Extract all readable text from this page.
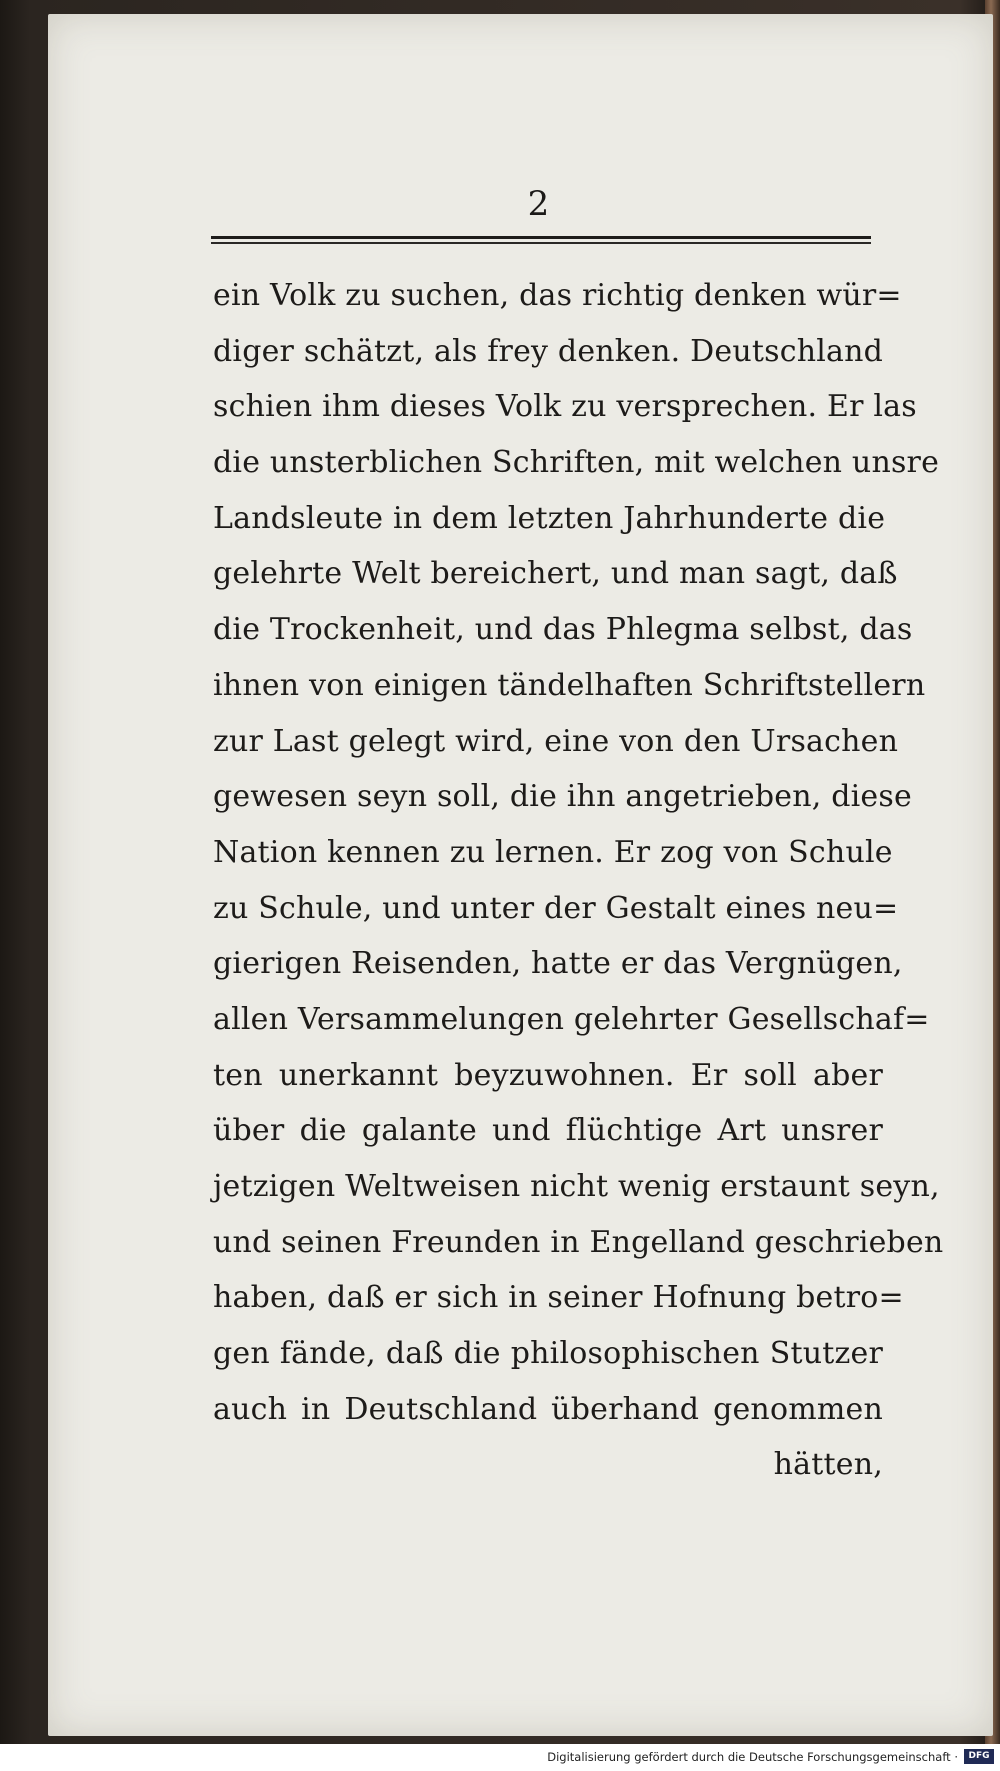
2
ein Volk zu suchen, das richtig denken wür=
diger schätzt, als frey denken. Deutschland
schien ihm dieses Volk zu versprechen. Er las
die unsterblichen Schriften, mit welchen unsre
Landsleute in dem letzten Jahrhunderte die
gelehrte Welt bereichert, und man sagt, daß
die Trockenheit, und das Phlegma selbst, das
ihnen von einigen tändelhaften Schriftstellern
zur Last gelegt wird, eine von den Ursachen
gewesen seyn soll, die ihn angetrieben, diese
Nation kennen zu lernen. Er zog von Schule
zu Schule, und unter der Gestalt eines neu=
gierigen Reisenden, hatte er das Vergnügen,
allen Versammelungen gelehrter Gesellschaf=
ten unerkannt beyzuwohnen. Er soll aber
über die galante und flüchtige Art unsrer
jetzigen Weltweisen nicht wenig erstaunt seyn,
und seinen Freunden in Engelland geschrieben
haben, daß er sich in seiner Hofnung betro=
gen fände, daß die philosophischen Stutzer
auch in Deutschland überhand genommen
hätten,
Digitalisierung gefördert durch die Deutsche Forschungsgemeinschaft ·	DFG
